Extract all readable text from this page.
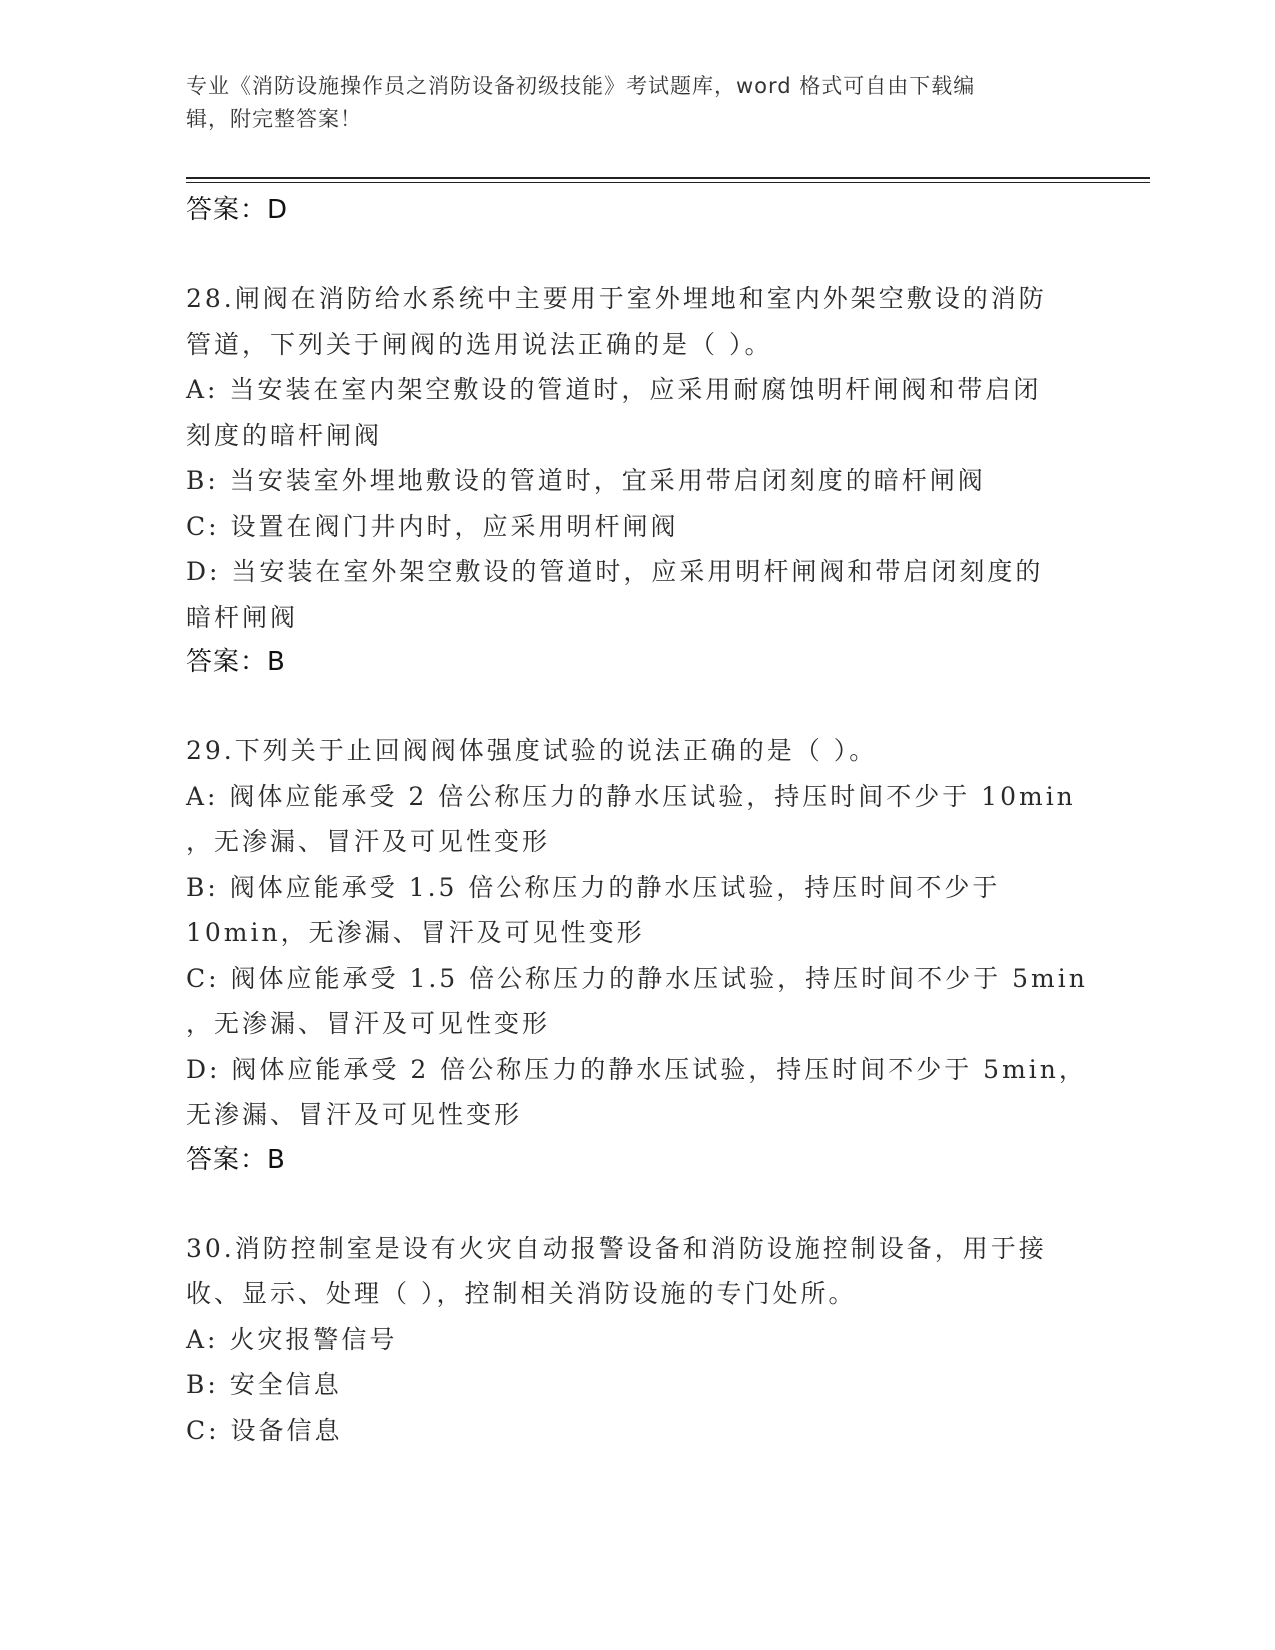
专业《消防设施操作员之消防设备初级技能》考试题库，word 格式可自由下载编
辑，附完整答案！
答案：D
28.闸阀在消防给水系统中主要用于室外埋地和室内外架空敷设的消防
管道，下列关于闸阀的选用说法正确的是（ ）。
A: 当安装在室内架空敷设的管道时，应采用耐腐蚀明杆闸阀和带启闭
刻度的暗杆闸阀
B: 当安装室外埋地敷设的管道时，宜采用带启闭刻度的暗杆闸阀
C: 设置在阀门井内时，应采用明杆闸阀
D: 当安装在室外架空敷设的管道时，应采用明杆闸阀和带启闭刻度的
暗杆闸阀
答案：B
29.下列关于止回阀阀体强度试验的说法正确的是（ ）。
A: 阀体应能承受 2 倍公称压力的静水压试验，持压时间不少于 10min
，无渗漏、冒汗及可见性变形
B: 阀体应能承受 1.5 倍公称压力的静水压试验，持压时间不少于
10min，无渗漏、冒汗及可见性变形
C: 阀体应能承受 1.5 倍公称压力的静水压试验，持压时间不少于 5min
，无渗漏、冒汗及可见性变形
D: 阀体应能承受 2 倍公称压力的静水压试验，持压时间不少于 5min，
无渗漏、冒汗及可见性变形
答案：B
30.消防控制室是设有火灾自动报警设备和消防设施控制设备，用于接
收、显示、处理（ ），控制相关消防设施的专门处所。
A: 火灾报警信号
B: 安全信息
C: 设备信息
